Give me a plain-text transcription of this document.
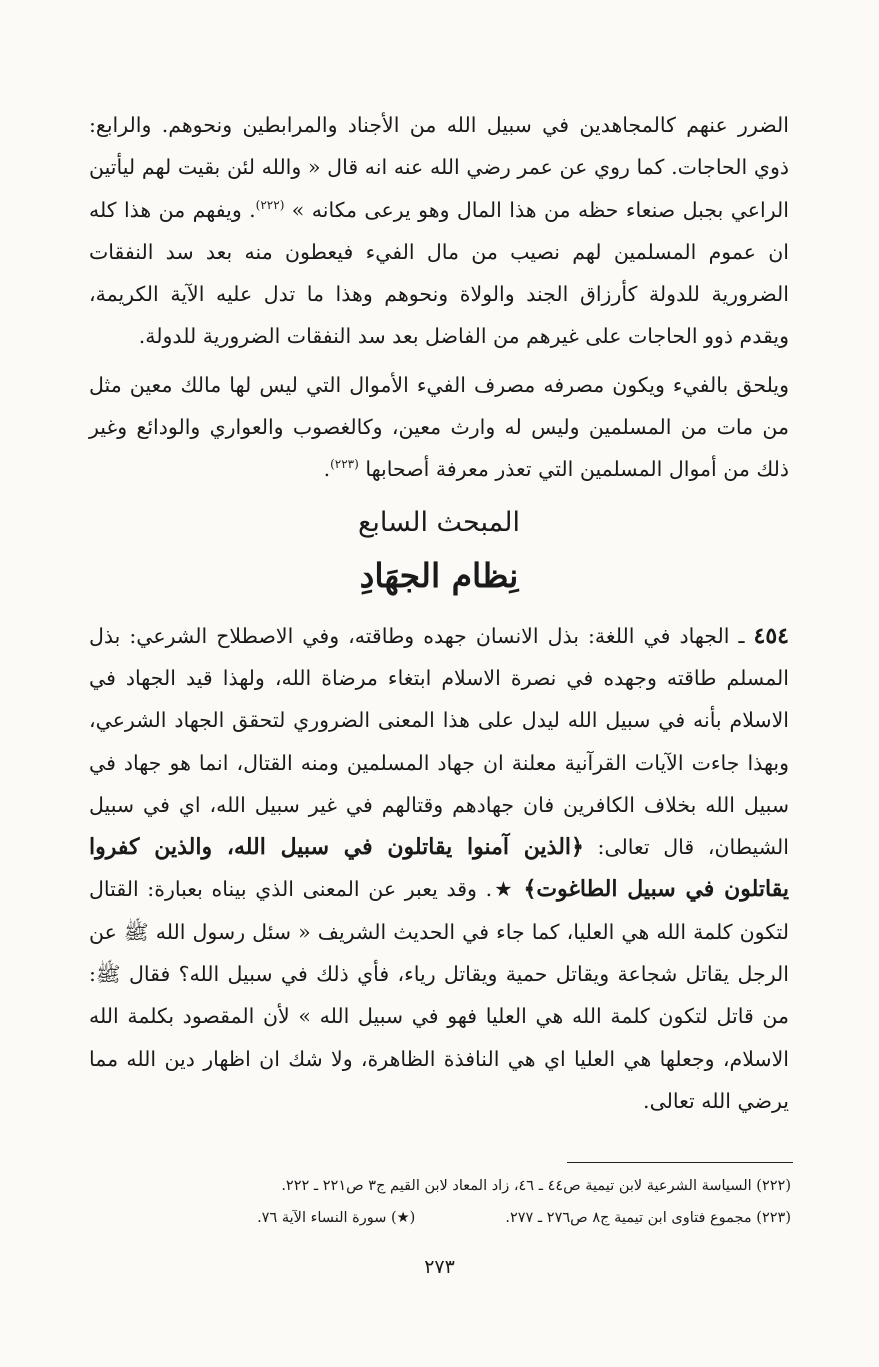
الضرر عنهم كالمجاهدين في سبيل الله من الأجناد والمرابطين ونحوهم. والرابع: ذوي الحاجات. كما روي عن عمر رضي الله عنه انه قال « والله لئن بقيت لهم ليأتين الراعي بجبل صنعاء حظه من هذا المال وهو يرعى مكانه » $^{(٢٢٢)}$. ويفهم من هذا كله ان عموم المسلمين لهم نصيب من مال الفيء فيعطون منه بعد سد النفقات الضرورية للدولة كأرزاق الجند والولاة ونحوهم وهذا ما تدل عليه الآية الكريمة، ويقدم ذوو الحاجات على غيرهم من الفاضل بعد سد النفقات الضرورية للدولة.

ويلحق بالفيء ويكون مصرفه مصرف الفيء الأموال التي ليس لها مالك معين مثل من مات من المسلمين وليس له وارث معين، وكالغصوب والعواري والودائع وغير ذلك من أموال المسلمين التي تعذر معرفة أصحابها $^{(٢٢٣)}$.

المبحث السابع

نِظام الجهَادِ

٤٥٤ ـ الجهاد في اللغة: بذل الانسان جهده وطاقته، وفي الاصطلاح الشرعي: بذل المسلم طاقته وجهده في نصرة الاسلام ابتغاء مرضاة الله، ولهذا قيد الجهاد في الاسلام بأنه في سبيل الله ليدل على هذا المعنى الضروري لتحقق الجهاد الشرعي، وبهذا جاءت الآيات القرآنية معلنة ان جهاد المسلمين ومنه القتال، انما هو جهاد في سبيل الله بخلاف الكافرين فان جهادهم وقتالهم في غير سبيل الله، اي في سبيل الشيطان، قال تعالى: ﴿الذين آمنوا يقاتلون في سبيل الله، والذين كفروا يقاتلون في سبيل الطاغوت﴾ ★. وقد يعبر عن المعنى الذي بيناه بعبارة: القتال لتكون كلمة الله هي العليا، كما جاء في الحديث الشريف « سئل رسول الله ﷺ عن الرجل يقاتل شجاعة ويقاتل حمية ويقاتل رياء، فأي ذلك في سبيل الله؟ فقال ﷺ: من قاتل لتكون كلمة الله هي العليا فهو في سبيل الله » لأن المقصود بكلمة الله الاسلام، وجعلها هي العليا اي هي النافذة الظاهرة، ولا شك ان اظهار دين الله مما يرضي الله تعالى.

(٢٢٢) السياسة الشرعية لابن تيمية ص٤٤ ـ ٤٦، زاد المعاد لابن القيم ج٣ ص٢٢١ ـ ٢٢٢.

(٢٢٣) مجموع فتاوى ابن تيمية ج٨ ص٢٧٦ ـ ٢٧٧.(★) سورة النساء الآية ٧٦.

٢٧٣
